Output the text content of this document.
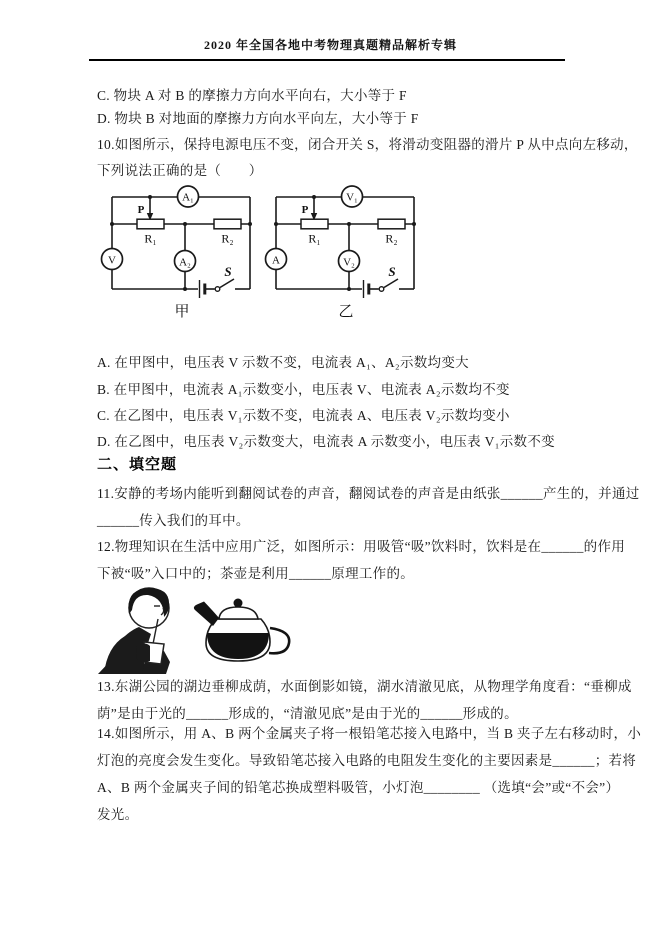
2020 年全国各地中考物理真题精品解析专辑
C. 物块 A 对 B 的摩擦力方向水平向右，大小等于 F
D. 物块 B 对地面的摩擦力方向水平向左，大小等于 F
10.如图所示，保持电源电压不变，闭合开关 S，将滑动变阻器的滑片 P 从中点向左移动，
下列说法正确的是（　　）
A₁
V	A₂
P
R₁	R₂
S
甲
V₁
A	V₂
P
R₁	R₂
S
乙
A. 在甲图中，电压表 V 示数不变，电流表 A₁、A₂示数均变大
B. 在甲图中，电流表 A₁示数变小，电压表 V、电流表 A₂示数均不变
C. 在乙图中，电压表 V₁示数不变，电流表 A、电压表 V₂示数均变小
D. 在乙图中，电压表 V₂示数变大，电流表 A 示数变小，电压表 V₁示数不变
二、填空题
11.安静的考场内能听到翻阅试卷的声音，翻阅试卷的声音是由纸张______产生的，并通过
______传入我们的耳中。
12.物理知识在生活中应用广泛，如图所示：用吸管“吸”饮料时，饮料是在______的作用
下被“吸”入口中的；茶壶是利用______原理工作的。
13.东湖公园的湖边垂柳成荫，水面倒影如镜，湖水清澈见底，从物理学角度看：“垂柳成
荫”是由于光的______形成的，“清澈见底”是由于光的______形成的。
14.如图所示，用 A、B 两个金属夹子将一根铅笔芯接入电路中，当 B 夹子左右移动时，小
灯泡的亮度会发生变化。导致铅笔芯接入电路的电阻发生变化的主要因素是______；若将
A、B 两个金属夹子间的铅笔芯换成塑料吸管，小灯泡________ （选填“会”或“不会”）
发光。
